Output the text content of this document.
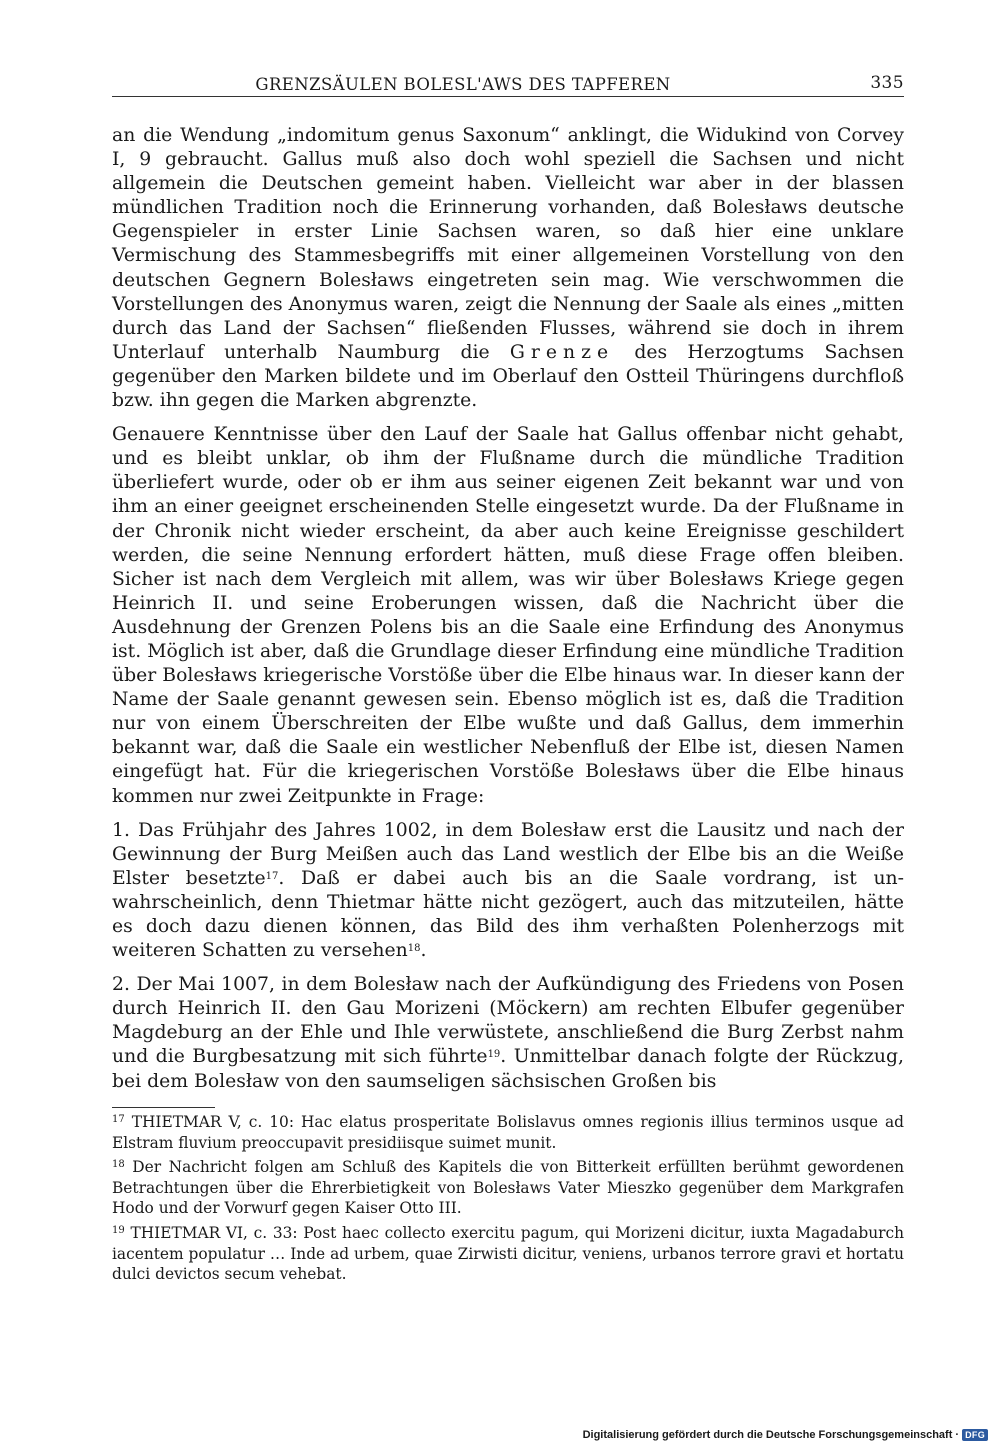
GRENZSÄULEN BOLESL'AWS DES TAPFEREN	335

an die Wendung „indomitum genus Saxonum“ anklingt, die Widukind von Corvey I, 9 gebraucht. Gallus muß also doch wohl speziell die Sachsen und nicht allgemein die Deutschen gemeint haben. Vielleicht war aber in der blassen mündlichen Tradition noch die Erinnerung vorhanden, daß Bolesławs deutsche Gegenspieler in erster Linie Sachsen waren, so daß hier eine unklare Vermischung des Stammesbegriffs mit einer allgemeinen Vorstellung von den deutschen Gegnern Bolesławs eingetreten sein mag. Wie verschwommen die Vorstellungen des Anonymus waren, zeigt die Nennung der Saale als eines „mitten durch das Land der Sachsen“ fließenden Flusses, während sie doch in ihrem Unterlauf unterhalb Naumburg die Grenze des Herzogtums Sachsen gegenüber den Marken bildete und im Oberlauf den Ostteil Thüringens durchfloß bzw. ihn gegen die Marken abgrenzte.

Genauere Kenntnisse über den Lauf der Saale hat Gallus offenbar nicht gehabt, und es bleibt unklar, ob ihm der Flußname durch die mündliche Tradition überliefert wurde, oder ob er ihm aus seiner eigenen Zeit bekannt war und von ihm an einer geeignet erscheinenden Stelle eingesetzt wurde. Da der Flußname in der Chronik nicht wieder erscheint, da aber auch keine Ereignisse geschildert werden, die seine Nennung erfordert hätten, muß diese Frage offen bleiben. Sicher ist nach dem Vergleich mit allem, was wir über Bolesławs Kriege gegen Heinrich II. und seine Eroberungen wissen, daß die Nachricht über die Ausdehnung der Grenzen Polens bis an die Saale eine Erfindung des Anonymus ist. Möglich ist aber, daß die Grundlage dieser Erfindung eine mündliche Tradition über Bolesławs kriegerische Vorstöße über die Elbe hinaus war. In dieser kann der Name der Saale genannt gewesen sein. Ebenso möglich ist es, daß die Tradition nur von einem Überschreiten der Elbe wußte und daß Gallus, dem immerhin bekannt war, daß die Saale ein westlicher Nebenfluß der Elbe ist, diesen Namen eingefügt hat. Für die kriegerischen Vorstöße Bolesławs über die Elbe hinaus kommen nur zwei Zeitpunkte in Frage:

1. Das Frühjahr des Jahres 1002, in dem Bolesław erst die Lausitz und nach der Gewinnung der Burg Meißen auch das Land westlich der Elbe bis an die Weiße Elster besetzte$^{17}$. Daß er dabei auch bis an die Saale vordrang, ist unwahrscheinlich, denn Thietmar hätte nicht gezögert, auch das mitzuteilen, hätte es doch dazu dienen können, das Bild des ihm verhaßten Polenherzogs mit weiteren Schatten zu versehen$^{18}$.

2. Der Mai 1007, in dem Bolesław nach der Aufkündigung des Friedens von Posen durch Heinrich II. den Gau Morizeni (Möckern) am rechten Elbufer gegenüber Magdeburg an der Ehle und Ihle verwüstete, anschließend die Burg Zerbst nahm und die Burgbesatzung mit sich führte$^{19}$. Unmittelbar danach folgte der Rückzug, bei dem Bolesław von den saumseligen sächsischen Großen bis

$^{17}$ THIETMAR V, c. 10: Hac elatus prosperitate Bolislavus omnes regionis illius terminos usque ad Elstram fluvium preoccupavit presidiisque suimet munit.

$^{18}$ Der Nachricht folgen am Schluß des Kapitels die von Bitterkeit erfüllten berühmt gewordenen Betrachtungen über die Ehrerbietigkeit von Bolesławs Vater Mieszko gegenüber dem Markgrafen Hodo und der Vorwurf gegen Kaiser Otto III.

$^{19}$ THIETMAR VI, c. 33: Post haec collecto exercitu pagum, qui Morizeni dicitur, iuxta Magadaburch iacentem populatur … Inde ad urbem, quae Zirwisti dicitur, veniens, urbanos terrore gravi et hortatu dulci devictos secum vehebat.

Digitalisierung gefördert durch die Deutsche Forschungsgemeinschaft · DFG
